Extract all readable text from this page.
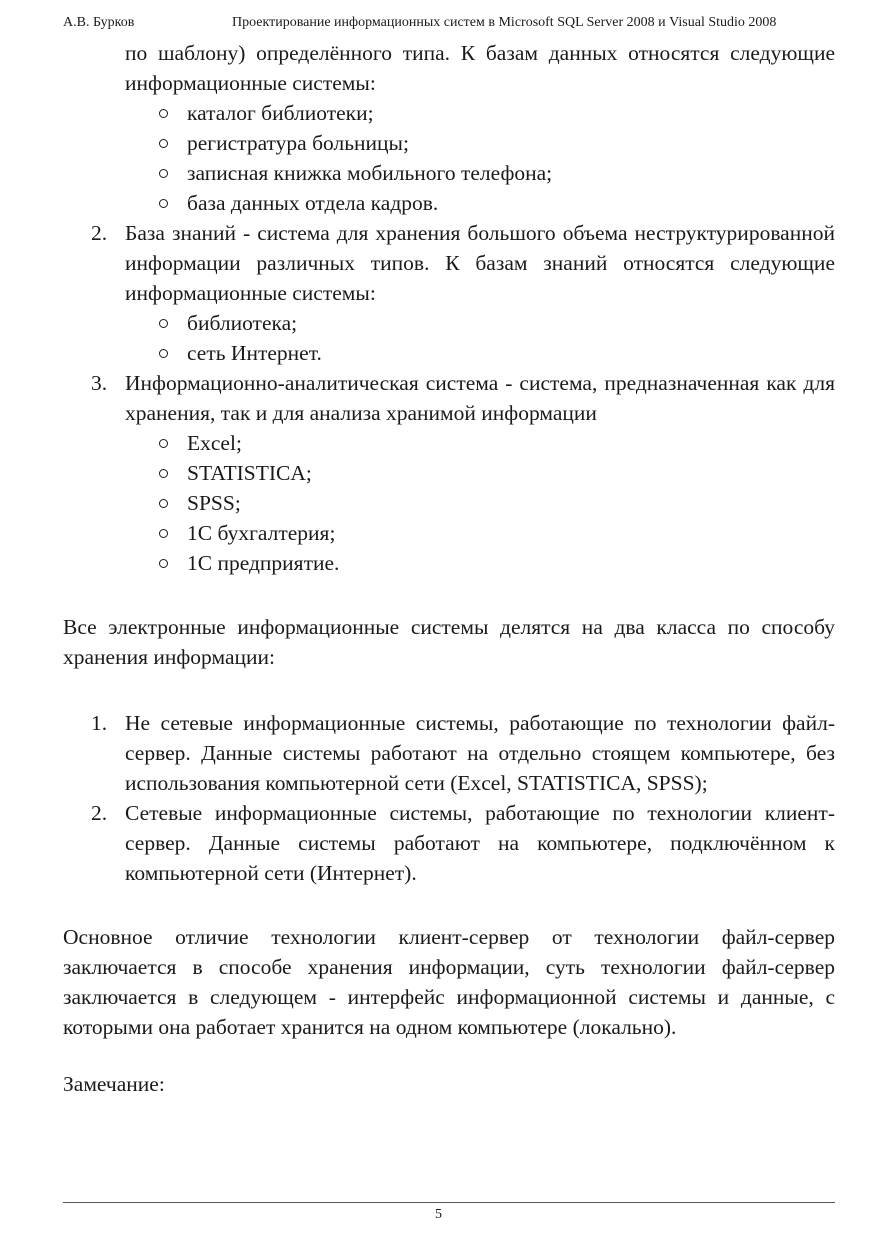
А.В. Бурков	Проектирование информационных систем в Microsoft SQL Server 2008 и Visual Studio 2008
по шаблону) определённого типа. К базам данных относятся следующие информационные системы:
каталог библиотеки;
регистратура больницы;
записная книжка мобильного телефона;
база данных отдела кадров.
2. База знаний - система для хранения большого объема неструктурированной информации различных типов. К базам знаний относятся следующие информационные системы:
библиотека;
сеть Интернет.
3. Информационно-аналитическая система - система, предназначенная как для хранения, так и для анализа хранимой информации
Excel;
STATISTICA;
SPSS;
1С бухгалтерия;
1С предприятие.
Все электронные информационные системы делятся на два класса по способу хранения информации:
1. Не сетевые информационные системы, работающие по технологии файл-сервер. Данные системы работают на отдельно стоящем компьютере, без использования компьютерной сети (Excel, STATISTICA, SPSS);
2. Сетевые информационные системы, работающие по технологии клиент-сервер. Данные системы работают на компьютере, подключённом к компьютерной сети (Интернет).
Основное отличие технологии клиент-сервер от технологии файл-сервер заключается в способе хранения информации, суть технологии файл-сервер заключается в следующем - интерфейс информационной системы и данные, с которыми она работает хранится на одном компьютере (локально).
Замечание:
5
